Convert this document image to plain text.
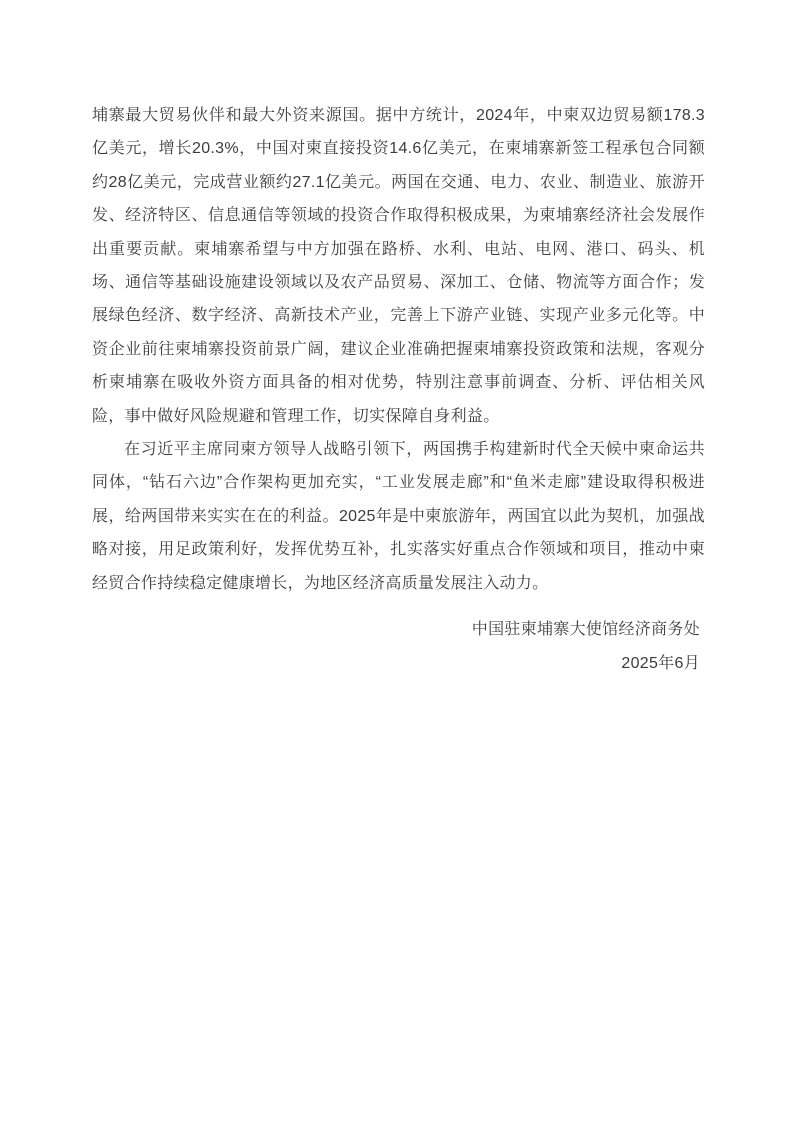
埔寨最大贸易伙伴和最大外资来源国。据中方统计，2024年，中柬双边贸易额178.3亿美元，增长20.3%，中国对柬直接投资14.6亿美元，在柬埔寨新签工程承包合同额约28亿美元，完成营业额约27.1亿美元。两国在交通、电力、农业、制造业、旅游开发、经济特区、信息通信等领域的投资合作取得积极成果，为柬埔寨经济社会发展作出重要贡献。柬埔寨希望与中方加强在路桥、水利、电站、电网、港口、码头、机场、通信等基础设施建设领域以及农产品贸易、深加工、仓储、物流等方面合作；发展绿色经济、数字经济、高新技术产业，完善上下游产业链、实现产业多元化等。中资企业前往柬埔寨投资前景广阔，建议企业准确把握柬埔寨投资政策和法规，客观分析柬埔寨在吸收外资方面具备的相对优势，特别注意事前调查、分析、评估相关风险，事中做好风险规避和管理工作，切实保障自身利益。

在习近平主席同柬方领导人战略引领下，两国携手构建新时代全天候中柬命运共同体，“钻石六边”合作架构更加充实，“工业发展走廊”和“鱼米走廊”建设取得积极进展，给两国带来实实在在的利益。2025年是中柬旅游年，两国宜以此为契机，加强战略对接，用足政策利好，发挥优势互补，扎实落实好重点合作领域和项目，推动中柬经贸合作持续稳定健康增长，为地区经济高质量发展注入动力。

中国驻柬埔寨大使馆经济商务处

2025年6月
